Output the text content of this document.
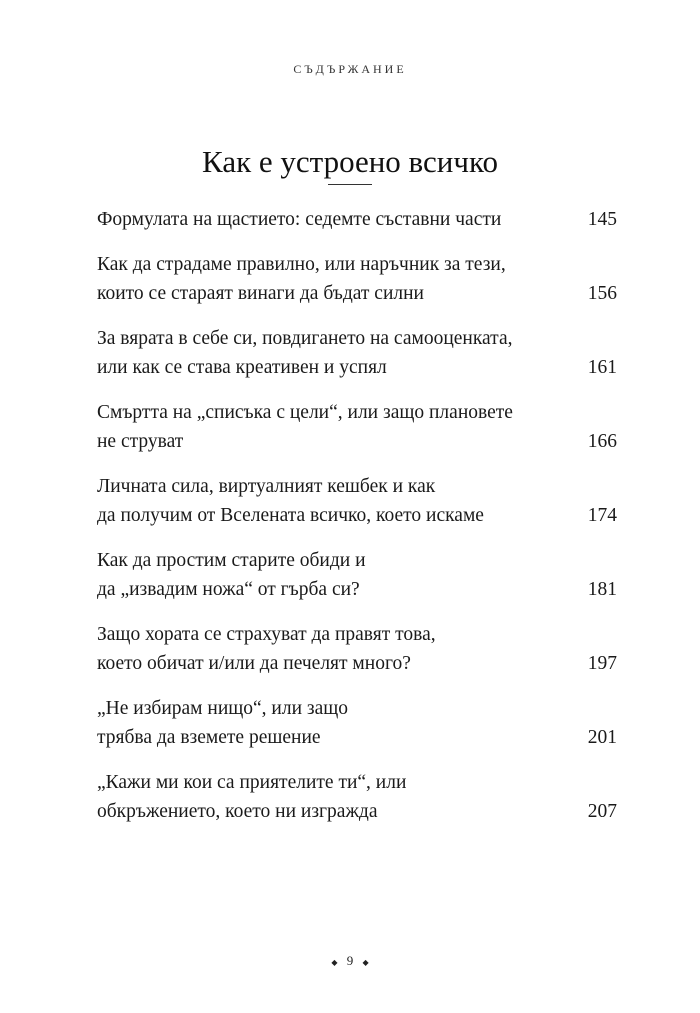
СЪДЪРЖАНИЕ
Как е устроено всичко
Формулата на щастието: седемте съставни части	145
Как да страдаме правилно, или наръчник за тези,
които се стараят винаги да бъдат силни	156
За вярата в себе си, повдигането на самооценката,
или как се става креативен и успял	161
Смъртта на „списъка с цели“, или защо плановете
не струват	166
Личната сила, виртуалният кешбек и как
да получим от Вселената всичко, което искаме	174
Как да простим старите обиди и
да „извадим ножа“ от гърба си?	181
Защо хората се страхуват да правят това,
което обичат и/или да печелят много?	197
„Не избирам нищо“, или защо
трябва да вземете решение	201
„Кажи ми кои са приятелите ти“, или
обкръжението, което ни изгражда	207
◆ 9 ◆
